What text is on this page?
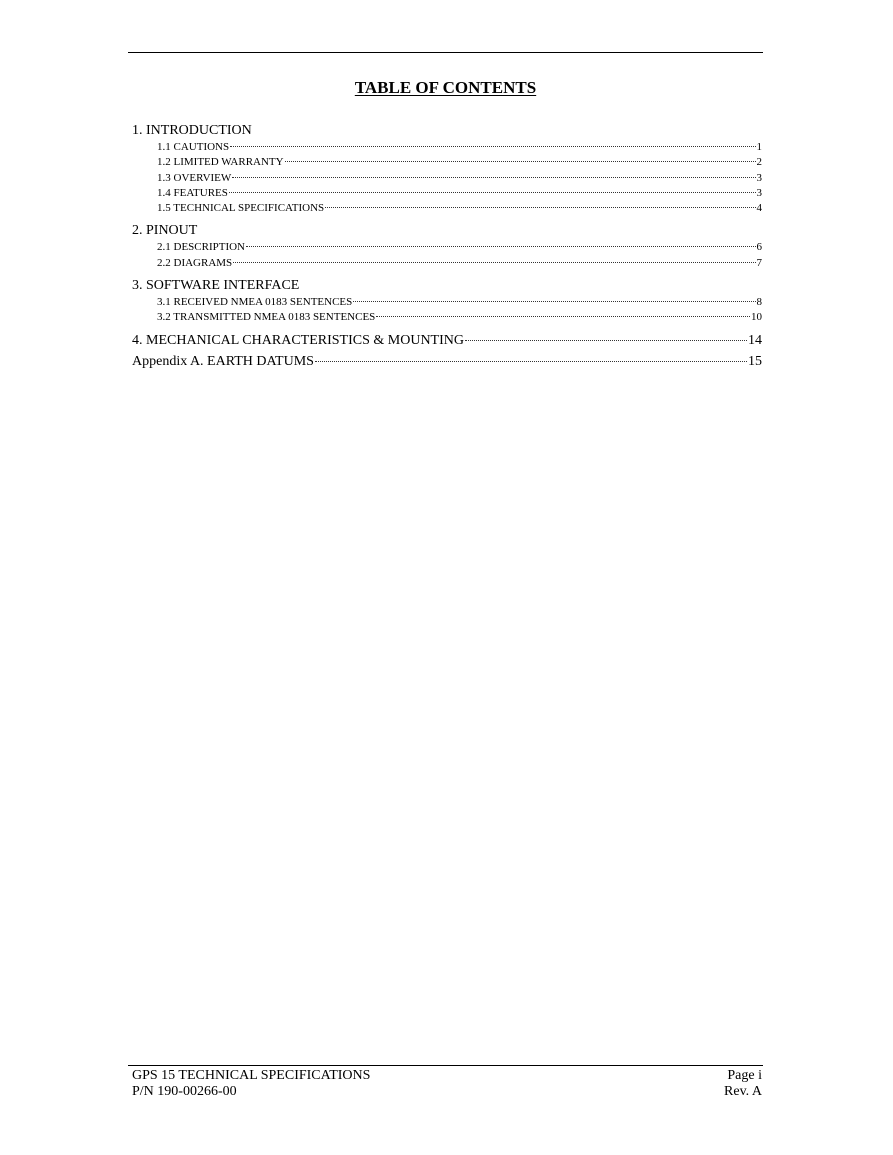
TABLE OF CONTENTS
1. INTRODUCTION
1.1 CAUTIONS	1
1.2 LIMITED WARRANTY	2
1.3 OVERVIEW	3
1.4 FEATURES	3
1.5 TECHNICAL SPECIFICATIONS	4
2. PINOUT
2.1 DESCRIPTION	6
2.2 DIAGRAMS	7
3. SOFTWARE INTERFACE
3.1 RECEIVED NMEA 0183 SENTENCES	8
3.2 TRANSMITTED NMEA 0183 SENTENCES	10
4. MECHANICAL CHARACTERISTICS & MOUNTING	14
Appendix A. EARTH DATUMS	15
GPS 15 TECHNICAL SPECIFICATIONS	Page i
P/N 190-00266-00	Rev. A
